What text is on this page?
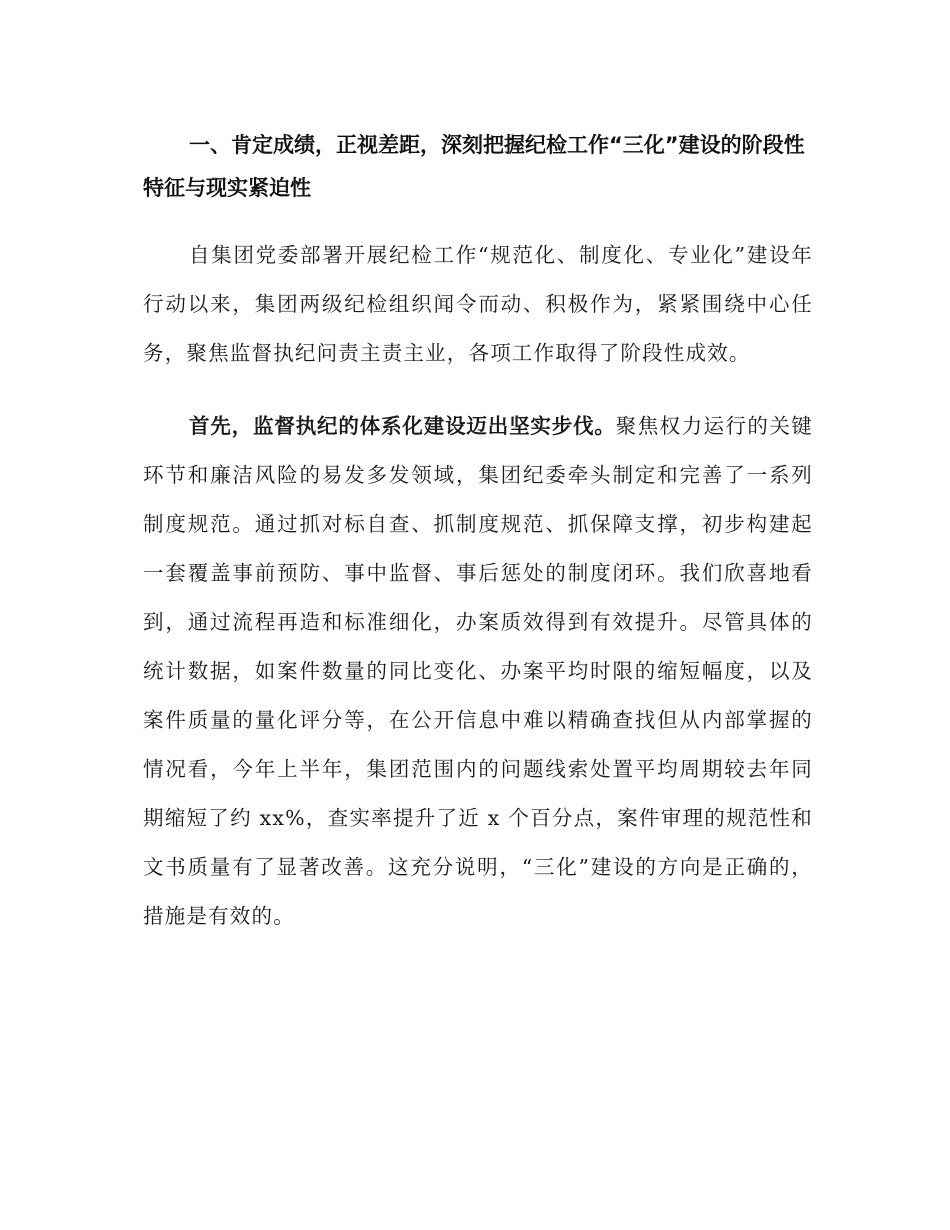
一、肯定成绩，正视差距，深刻把握纪检工作“三化”建设的阶段性特征与现实紧迫性

自集团党委部署开展纪检工作“规范化、制度化、专业化”建设年行动以来，集团两级纪检组织闻令而动、积极作为，紧紧围绕中心任务，聚焦监督执纪问责主责主业，各项工作取得了阶段性成效。

首先，监督执纪的体系化建设迈出坚实步伐。聚焦权力运行的关键环节和廉洁风险的易发多发领域，集团纪委牵头制定和完善了一系列制度规范。通过抓对标自查、抓制度规范、抓保障支撑，初步构建起一套覆盖事前预防、事中监督、事后惩处的制度闭环。我们欣喜地看到，通过流程再造和标准细化，办案质效得到有效提升。尽管具体的统计数据，如案件数量的同比变化、办案平均时限的缩短幅度，以及案件质量的量化评分等，在公开信息中难以精确查找但从内部掌握的情况看，今年上半年，集团范围内的问题线索处置平均周期较去年同期缩短了约 xx%，查实率提升了近 x 个百分点，案件审理的规范性和文书质量有了显著改善。这充分说明，“三化”建设的方向是正确的，措施是有效的。
